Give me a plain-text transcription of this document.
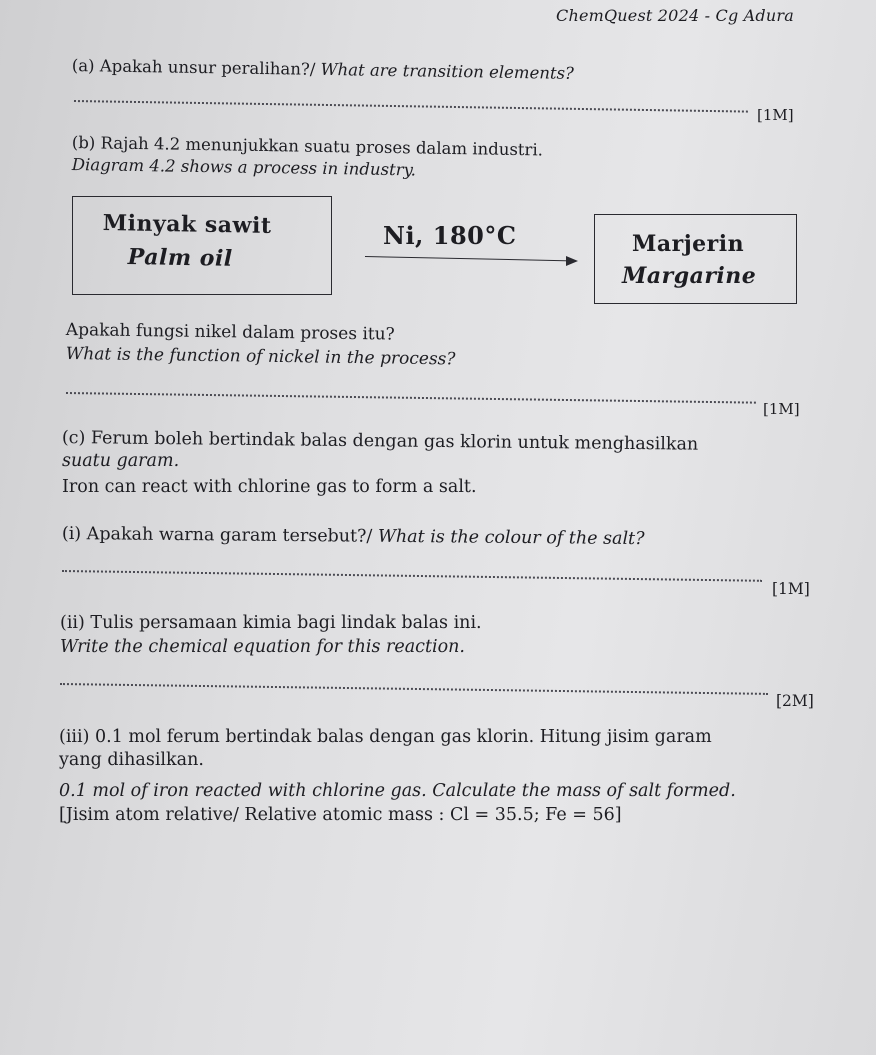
ChemQuest 2024 - Cg Adura
(a) Apakah unsur peralihan?/ What are transition elements?
[1M]
(b) Rajah 4.2 menunjukkan suatu proses dalam industri.
Diagram 4.2 shows a process in industry.
Minyak sawit
Palm oil
Ni, 180°C	Marjerin
Margarine
Apakah fungsi nikel dalam proses itu?
What is the function of nickel in the process?
[1M]
(c) Ferum boleh bertindak balas dengan gas klorin untuk menghasilkan
suatu garam.
Iron can react with chlorine gas to form a salt.
(i) Apakah warna garam tersebut?/ What is the colour of the salt?
[1M]
(ii) Tulis persamaan kimia bagi lindak balas ini.
Write the chemical equation for this reaction.
[2M]
(iii) 0.1 mol ferum bertindak balas dengan gas klorin. Hitung jisim garam
yang dihasilkan.
0.1 mol of iron reacted with chlorine gas. Calculate the mass of salt formed.
[Jisim atom relative/ Relative atomic mass : Cl = 35.5; Fe = 56]
